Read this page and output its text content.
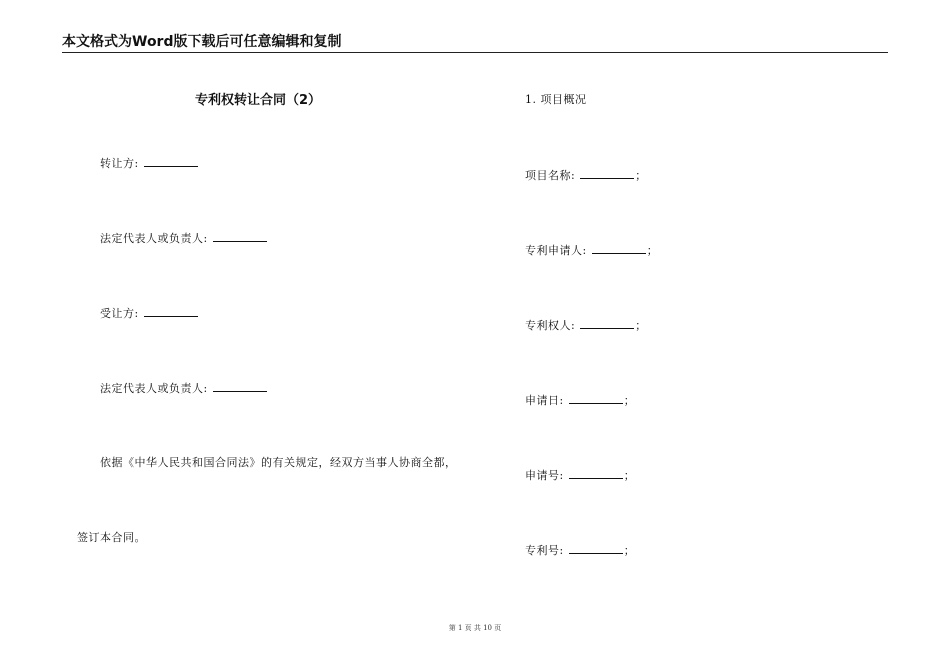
本文格式为Word版下载后可任意编辑和复制
专利权转让合同（2）
转让方:
法定代表人或负责人:
受让方:
法定代表人或负责人:
依据《中华人民共和国合同法》的有关规定，经双方当事人协商全都，
签订本合同。
1. 项目概况
项目名称:	；
专利申请人:	；
专利权人:	；
申请日:	；
申请号:	；
专利号:	；
第 1 页 共 10 页
